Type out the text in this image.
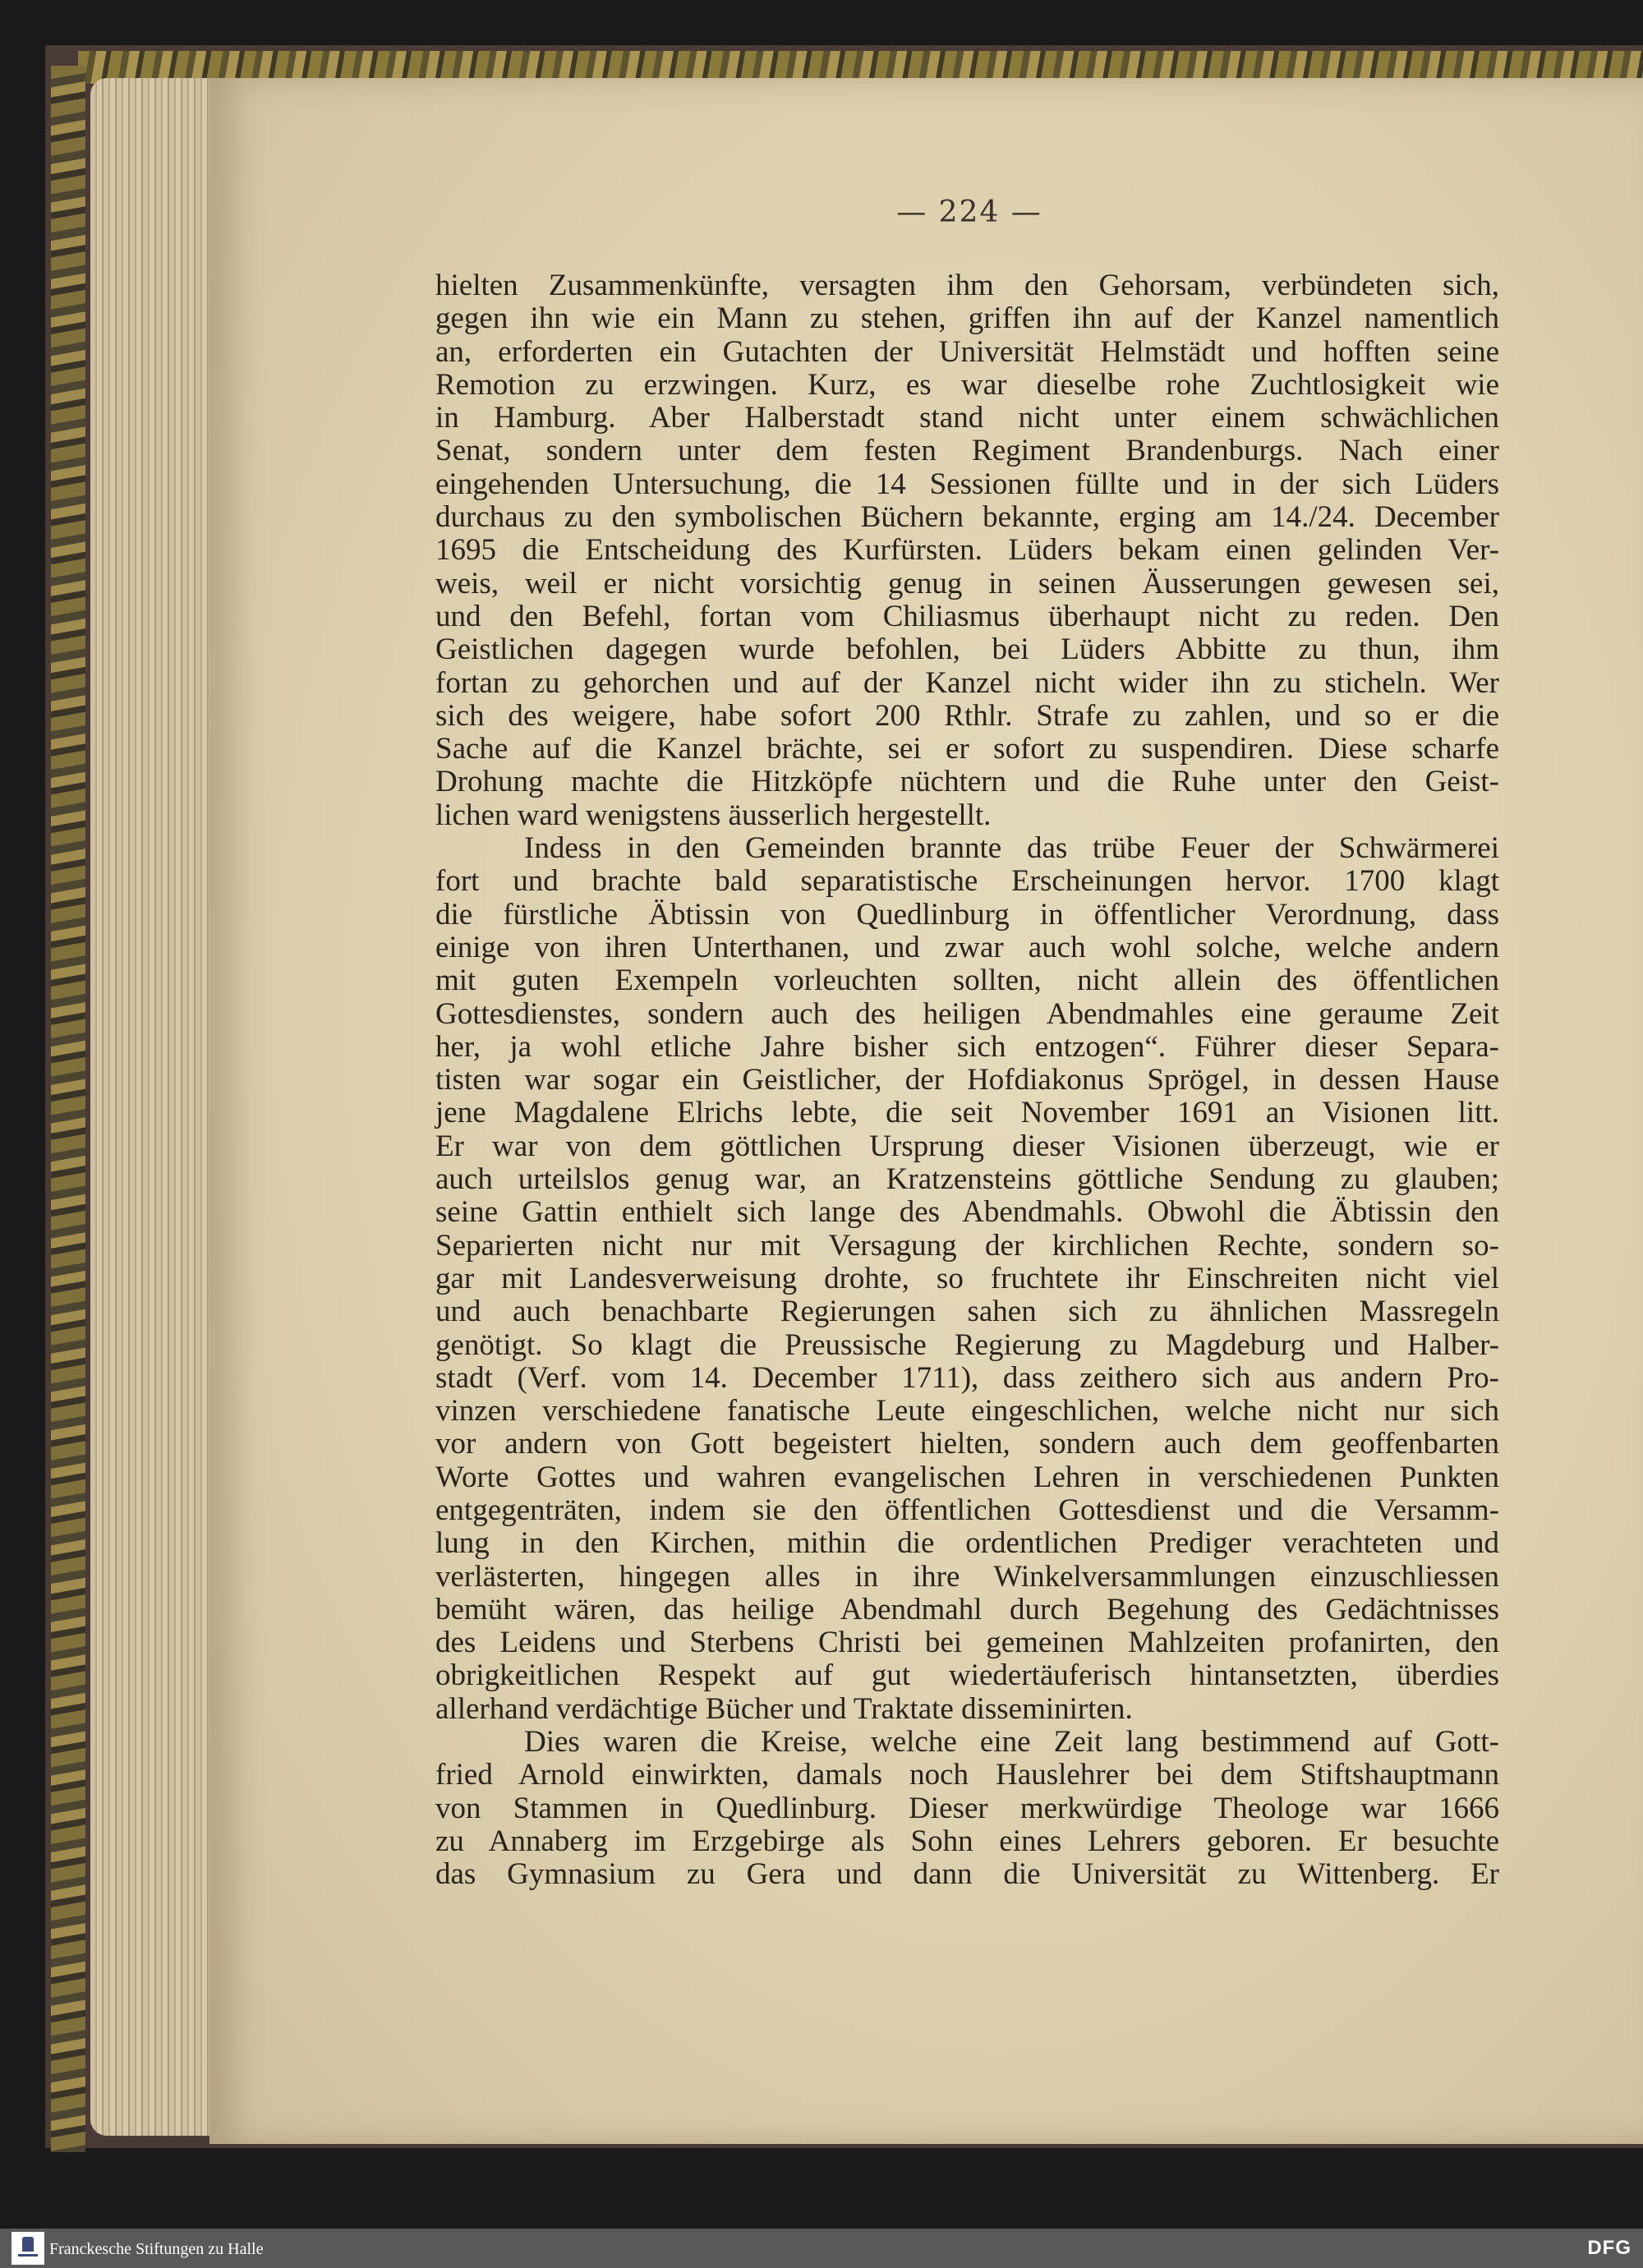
— 224 —
hielten Zusammenkünfte, versagten ihm den Gehorsam, verbündeten sich,
gegen ihn wie ein Mann zu stehen, griffen ihn auf der Kanzel namentlich
an, erforderten ein Gutachten der Universität Helmstädt und hofften seine
Remotion zu erzwingen. Kurz, es war dieselbe rohe Zuchtlosigkeit wie
in Hamburg. Aber Halberstadt stand nicht unter einem schwächlichen
Senat, sondern unter dem festen Regiment Brandenburgs. Nach einer
eingehenden Untersuchung, die 14 Sessionen füllte und in der sich Lüders
durchaus zu den symbolischen Büchern bekannte, erging am 14./24. December
1695 die Entscheidung des Kurfürsten. Lüders bekam einen gelinden Ver-
weis, weil er nicht vorsichtig genug in seinen Äusserungen gewesen sei,
und den Befehl, fortan vom Chiliasmus überhaupt nicht zu reden. Den
Geistlichen dagegen wurde befohlen, bei Lüders Abbitte zu thun, ihm
fortan zu gehorchen und auf der Kanzel nicht wider ihn zu sticheln. Wer
sich des weigere, habe sofort 200 Rthlr. Strafe zu zahlen, und so er die
Sache auf die Kanzel brächte, sei er sofort zu suspendiren. Diese scharfe
Drohung machte die Hitzköpfe nüchtern und die Ruhe unter den Geist-
lichen ward wenigstens äusserlich hergestellt.
Indess in den Gemeinden brannte das trübe Feuer der Schwärmerei
fort und brachte bald separatistische Erscheinungen hervor. 1700 klagt
die fürstliche Äbtissin von Quedlinburg in öffentlicher Verordnung, dass
einige von ihren Unterthanen, und zwar auch wohl solche, welche andern
mit guten Exempeln vorleuchten sollten, nicht allein des öffentlichen
Gottesdienstes, sondern auch des heiligen Abendmahles eine geraume Zeit
her, ja wohl etliche Jahre bisher sich entzogen“. Führer dieser Separa-
tisten war sogar ein Geistlicher, der Hofdiakonus Sprögel, in dessen Hause
jene Magdalene Elrichs lebte, die seit November 1691 an Visionen litt.
Er war von dem göttlichen Ursprung dieser Visionen überzeugt, wie er
auch urteilslos genug war, an Kratzensteins göttliche Sendung zu glauben;
seine Gattin enthielt sich lange des Abendmahls. Obwohl die Äbtissin den
Separierten nicht nur mit Versagung der kirchlichen Rechte, sondern so-
gar mit Landesverweisung drohte, so fruchtete ihr Einschreiten nicht viel
und auch benachbarte Regierungen sahen sich zu ähnlichen Massregeln
genötigt. So klagt die Preussische Regierung zu Magdeburg und Halber-
stadt (Verf. vom 14. December 1711), dass zeithero sich aus andern Pro-
vinzen verschiedene fanatische Leute eingeschlichen, welche nicht nur sich
vor andern von Gott begeistert hielten, sondern auch dem geoffenbarten
Worte Gottes und wahren evangelischen Lehren in verschiedenen Punkten
entgegenträten, indem sie den öffentlichen Gottesdienst und die Versamm-
lung in den Kirchen, mithin die ordentlichen Prediger verachteten und
verlästerten, hingegen alles in ihre Winkelversammlungen einzuschliessen
bemüht wären, das heilige Abendmahl durch Begehung des Gedächtnisses
des Leidens und Sterbens Christi bei gemeinen Mahlzeiten profanirten, den
obrigkeitlichen Respekt auf gut wiedertäuferisch hintansetzten, überdies
allerhand verdächtige Bücher und Traktate disseminirten.
Dies waren die Kreise, welche eine Zeit lang bestimmend auf Gott-
fried Arnold einwirkten, damals noch Hauslehrer bei dem Stiftshauptmann
von Stammen in Quedlinburg. Dieser merkwürdige Theologe war 1666
zu Annaberg im Erzgebirge als Sohn eines Lehrers geboren. Er besuchte
das Gymnasium zu Gera und dann die Universität zu Wittenberg. Er
Franckesche Stiftungen zu Halle	DFG
